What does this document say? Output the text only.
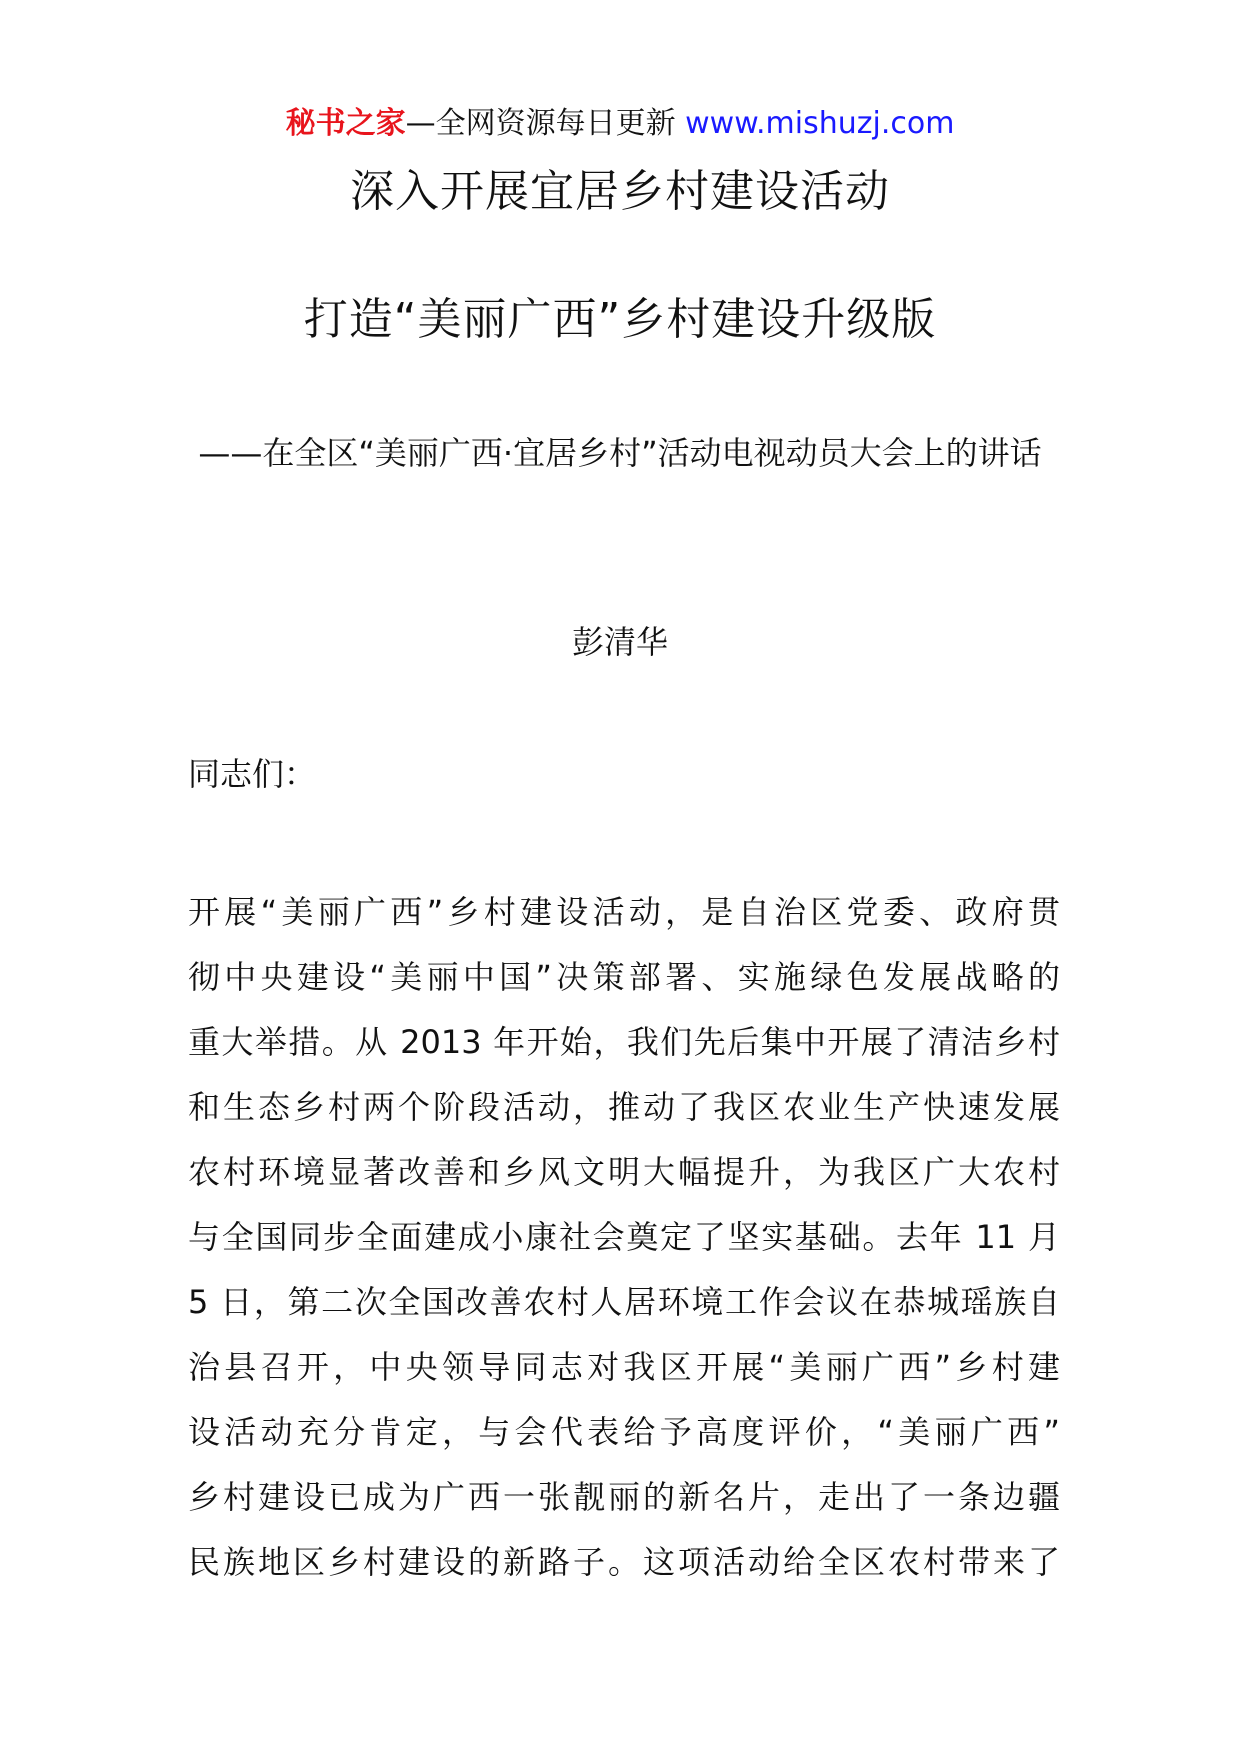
秘书之家—全网资源每日更新 www.mishuzj.com
深入开展宜居乡村建设活动
打造“美丽广西”乡村建设升级版
——在全区“美丽广西·宜居乡村”活动电视动员大会上的讲话
彭清华
同志们：
开展“美丽广西”乡村建设活动，是自治区党委、政府贯
彻中央建设“美丽中国”决策部署、实施绿色发展战略的
重大举措。从 2013 年开始，我们先后集中开展了清洁乡村
和生态乡村两个阶段活动，推动了我区农业生产快速发展
农村环境显著改善和乡风文明大幅提升，为我区广大农村
与全国同步全面建成小康社会奠定了坚实基础。去年 11 月
5 日，第二次全国改善农村人居环境工作会议在恭城瑶族自
治县召开，中央领导同志对我区开展“美丽广西”乡村建
设活动充分肯定，与会代表给予高度评价，“美丽广西”
乡村建设已成为广西一张靓丽的新名片，走出了一条边疆
民族地区乡村建设的新路子。这项活动给全区农村带来了
